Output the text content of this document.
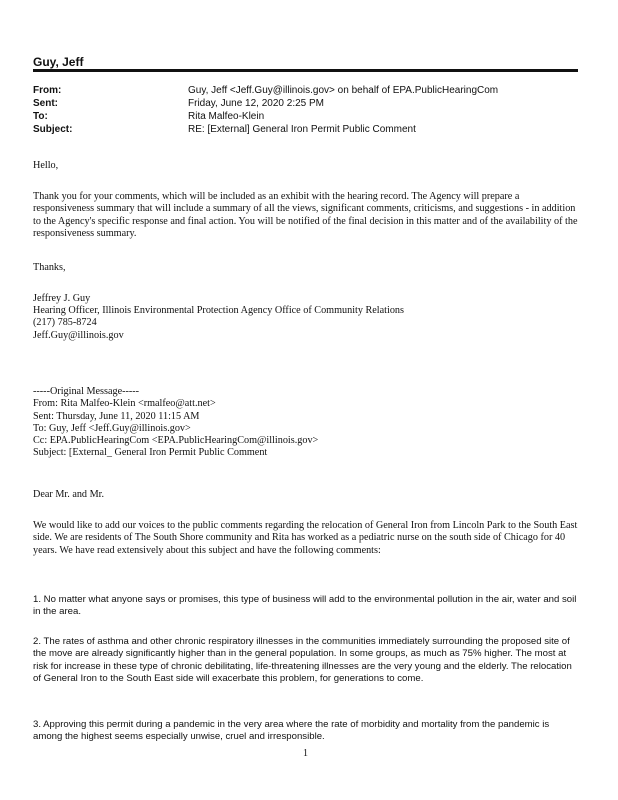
Guy, Jeff
From:	Guy, Jeff <Jeff.Guy@illinois.gov> on behalf of EPA.PublicHearingCom
Sent:	Friday, June 12, 2020 2:25 PM
To:	Rita Malfeo-Klein
Subject:	RE: [External] General Iron Permit Public Comment
Hello,

Thank you for your comments, which will be included as an exhibit with the hearing record. The Agency will prepare a responsiveness summary that will include a summary of all the views, significant comments, criticisms, and suggestions - in addition to the Agency's specific response and final action. You will be notified of the final decision in this matter and of the availability of the responsiveness summary.

Thanks,
Jeffrey J. Guy
Hearing Officer, Illinois Environmental Protection Agency Office of Community Relations
(217) 785-8724
Jeff.Guy@illinois.gov
-----Original Message-----
From: Rita Malfeo-Klein <rmalfeo@att.net>
Sent: Thursday, June 11, 2020 11:15 AM
To: Guy, Jeff <Jeff.Guy@illinois.gov>
Cc: EPA.PublicHearingCom <EPA.PublicHearingCom@illinois.gov>
Subject: [External_ General Iron Permit Public Comment
Dear Mr. and Mr.
We would like to add our voices to the public comments regarding the relocation of General Iron from Lincoln Park to the South East side. We are residents of The South Shore community and Rita has worked as a pediatric nurse on the south side of Chicago for 40 years. We have read extensively about this subject and have the following comments:
1. No matter what anyone says or promises, this type of business will add to the environmental pollution in the air, water and soil in the area.
2. The rates of asthma and other chronic respiratory illnesses in the communities immediately surrounding the proposed site of the move are already significantly higher than in the general population. In some groups, as much as 75% higher. The most at risk for increase in these type of chronic debilitating, life-threatening illnesses are the very young and the elderly. The relocation of General Iron to the South East side will exacerbate this problem, for generations to come.
3. Approving this permit during a pandemic in the very area where the rate of morbidity and mortality from the pandemic is among the highest seems especially unwise, cruel and irresponsible.
1
